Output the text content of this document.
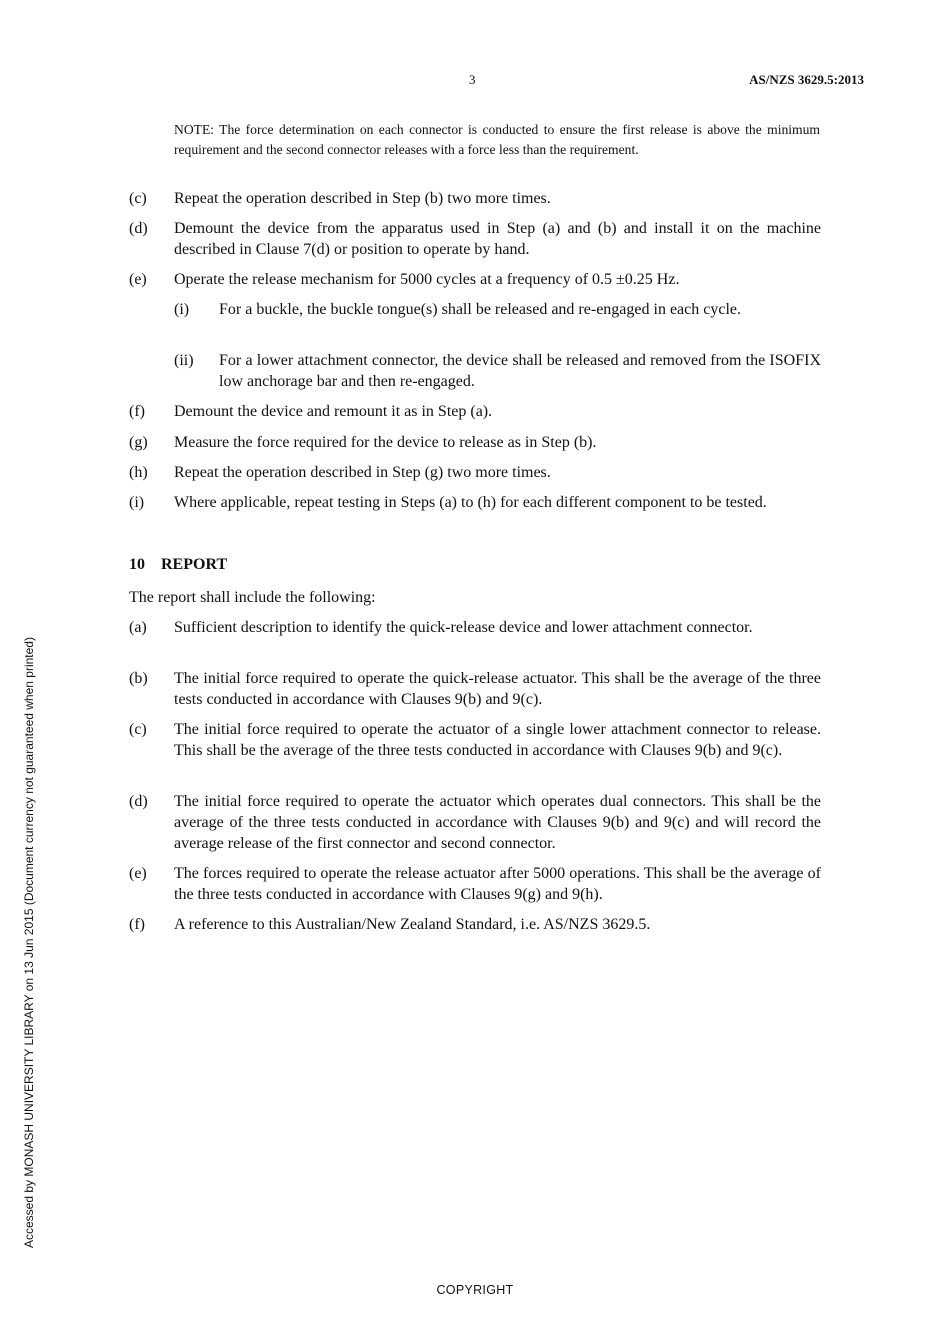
3	AS/NZS 3629.5:2013
Accessed by MONASH UNIVERSITY LIBRARY on 13 Jun 2015 (Document currency not guaranteed when printed)
NOTE: The force determination on each connector is conducted to ensure the first release is above the minimum requirement and the second connector releases with a force less than the requirement.
(c) Repeat the operation described in Step (b) two more times.
(d) Demount the device from the apparatus used in Step (a) and (b) and install it on the machine described in Clause 7(d) or position to operate by hand.
(e) Operate the release mechanism for 5000 cycles at a frequency of 0.5 ±0.25 Hz.
(i) For a buckle, the buckle tongue(s) shall be released and re-engaged in each cycle.
(ii) For a lower attachment connector, the device shall be released and removed from the ISOFIX low anchorage bar and then re-engaged.
(f) Demount the device and remount it as in Step (a).
(g) Measure the force required for the device to release as in Step (b).
(h) Repeat the operation described in Step (g) two more times.
(i) Where applicable, repeat testing in Steps (a) to (h) for each different component to be tested.
10 REPORT
The report shall include the following:
(a) Sufficient description to identify the quick-release device and lower attachment connector.
(b) The initial force required to operate the quick-release actuator. This shall be the average of the three tests conducted in accordance with Clauses 9(b) and 9(c).
(c) The initial force required to operate the actuator of a single lower attachment connector to release. This shall be the average of the three tests conducted in accordance with Clauses 9(b) and 9(c).
(d) The initial force required to operate the actuator which operates dual connectors. This shall be the average of the three tests conducted in accordance with Clauses 9(b) and 9(c) and will record the average release of the first connector and second connector.
(e) The forces required to operate the release actuator after 5000 operations. This shall be the average of the three tests conducted in accordance with Clauses 9(g) and 9(h).
(f) A reference to this Australian/New Zealand Standard, i.e. AS/NZS 3629.5.
COPYRIGHT
